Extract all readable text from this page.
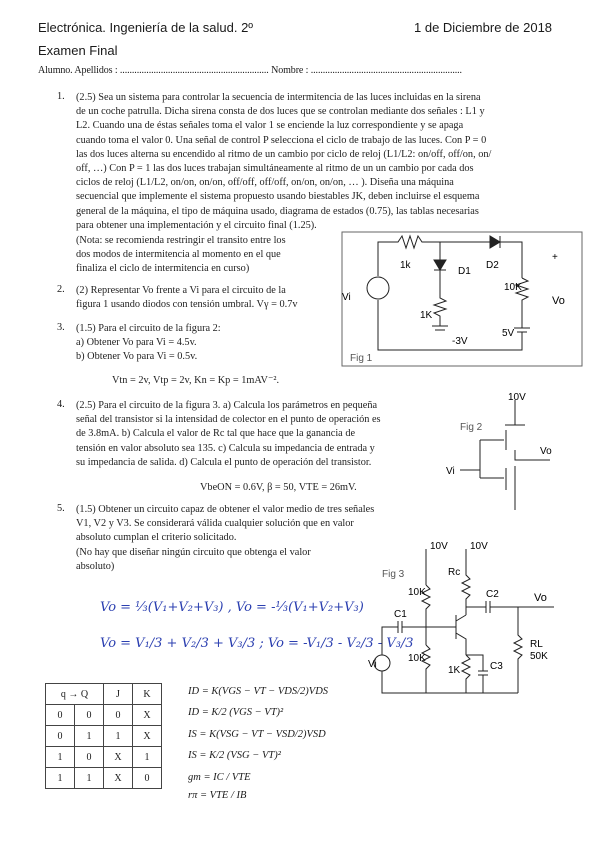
Electrónica. Ingeniería de la salud. 2º	1 de Diciembre de 2018
Examen Final
Alumno. Apellidos : .............................................................. Nombre : ...............................................................
1. (2.5) Sea un sistema para controlar la secuencia de intermitencia de las luces incluidas en la sirena
de un coche patrulla. Dicha sirena consta de dos luces que se controlan mediante dos señales : L1 y
L2. Cuando una de éstas señales toma el valor 1 se enciende la luz correspondiente y se apaga
cuando toma el valor 0. Una señal de control P selecciona el ciclo de trabajo de las luces. Con P = 0
las dos luces alterna su encendido al ritmo de un cambio por ciclo de reloj (L1/L2: on/off, off/on, on/
off, …) Con P = 1 las dos luces trabajan simultáneamente al ritmo de un un cambio por cada dos
ciclos de reloj (L1/L2, on/on, on/on, off/off, off/off, on/on, on/on, … ). Diseña una máquina
secuencial que implemente el sistema propuesto usando biestables JK, deben incluirse el esquema
general de la máquina, el tipo de máquina usado, diagrama de estados (0.75), las tablas necesarias
para obtener una implementación y el circuito final (1.25).
(Nota: se recomienda restringir el transito entre los
dos modos de intermitencia al momento en el que
finaliza el ciclo de intermitencia en curso)
2. (2) Representar Vo frente a Vi para el circuito de la
figura 1 usando diodos con tensión umbral. Vγ = 0.7v
3. (1.5) Para el circuito de la figura 2:
a) Obtener Vo para Vi = 4.5v.
b) Obtener Vo para Vi = 0.5v.
Vtn = 2v, Vtp = 2v, Kn = Kp = 1mAV⁻².
4. (2.5) Para el circuito de la figura 3. a) Calcula los parámetros en pequeña
señal del transistor si la intensidad de colector en el punto de operación es
de 3.8mA. b) Calcula el valor de Rc tal que hace que la ganancia de
tensión en valor absoluto sea 135. c) Calcula su impedancia de entrada y
su impedancia de salida. d) Calcula el punto de operación del transistor.
VbeON = 0.6V, β = 50, VTE = 26mV.
5. (1.5) Obtener un circuito capaz de obtener el valor medio de tres señales
V1, V2 y V3. Se considerará válida cualquier solución que en valor
absoluto cumplan el criterio solicitado.
(No hay que diseñar ningún circuito que obtenga el valor
absoluto)
Vo = ⅓(V₁+V₂+V₃) , Vo = -⅓(V₁+V₂+V₃)
Vo = V₁/3 + V₂/3 + V₃/3 ; Vo = -V₁/3 - V₂/3 - V₃/3
q → Q		J	K
0	0	0	X
0	1	1	X
1	0	X	1
1	1	X	0
ID = K(VGS − VT − VDS/2)VDS
ID = K/2 (VGS − VT)²
IS = K(VSG − VT − VSD/2)VSD
IS = K/2 (VSG − VT)²
gm = IC / VTE
rπ = VTE / IB
1k
D1
D2
10K
1K
-3V
5V
Vi	Vo
+
Fig 1
10V
Vo
Vi
Fig 2
10V 10V
10K
Rc
C1
C2	Vo
10K
1K	C3
RL
50K
Vi
Fig 3
